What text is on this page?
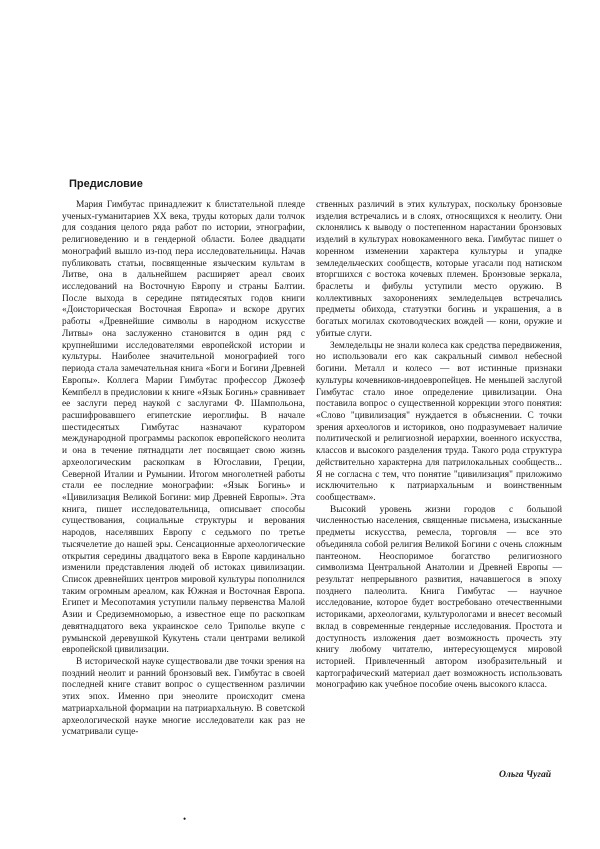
Предисловие

Мария Гимбутас принадлежит к блистательной плеяде ученых-гуманитариев XX века, труды которых дали толчок для создания целого ряда работ по истории, этнографии, религиоведению и в гендерной области. Более двадцати монографий вышло из-под пера исследовательницы. Начав публиковать статьи, посвященные языческим культам в Литве, она в дальнейшем расширяет ареал своих исследований на Восточную Европу и страны Балтии. После выхода в середине пятидесятых годов книги «Доисторическая Восточная Европа» и вскоре других работы «Древнейшие символы в народном искусстве Литвы» она заслуженно становится в один ряд с крупнейшими исследователями европейской истории и культуры. Наиболее значительной монографией того периода стала замечательная книга «Боги и Богини Древней Европы». Коллега Марии Гимбутас профессор Джозеф Кемпбелл в предисловии к книге «Язык Богинь» сравнивает ее заслуги перед наукой с заслугами Ф. Шампольона, расшифровавшего египетские иероглифы. В начале шестидесятых Гимбутас назначают куратором международной программы раскопок европейского неолита и она в течение пятнадцати лет посвящает свою жизнь археологическим раскопкам в Югославии, Греции, Северной Италии и Румынии. Итогом многолетней работы стали ее последние монографии: «Язык Богинь» и «Цивилизация Великой Богини: мир Древней Европы». Эта книга, пишет исследовательница, описывает способы существования, социальные структуры и верования народов, населявших Европу с седьмого по третье тысячелетие до нашей эры. Сенсационные археологические открытия середины двадцатого века в Европе кардинально изменили представления людей об истоках цивилизации. Список древнейших центров мировой культуры пополнился таким огромным ареалом, как Южная и Восточная Европа. Египет и Месопотамия уступили пальму первенства Малой Азии и Средиземноморью, а известное еще по раскопкам девятнадцатого века украинское село Триполье вкупе с румынской деревушкой Кукутень стали центрами великой европейской цивилизации.

В исторической науке существовали две точки зрения на поздний неолит и ранний бронзовый век. Гимбутас в своей последней книге ставит вопрос о существенном различии этих эпох. Именно при энеолите происходит смена матриархальной формации на патриархальную. В советской археологической науке многие исследователи как раз не усматривали суще-

ственных различий в этих культурах, поскольку бронзовые изделия встречались и в слоях, относящихся к неолиту. Они склонялись к выводу о постепенном нарастании бронзовых изделий в культурах новокаменного века. Гимбутас пишет о коренном изменении характера культуры и упадке земледельческих сообществ, которые угасали под натиском вторгшихся с востока кочевых племен. Бронзовые зеркала, браслеты и фибулы уступили место оружию. В коллективных захоронениях земледельцев встречались предметы обихода, статуэтки богинь и украшения, а в богатых могилах скотоводческих вождей — кони, оружие и убитые слуги.

Земледельцы не знали колеса как средства передвижения, но использовали его как сакральный символ небесной богини. Металл и колесо — вот истинные признаки культуры кочевников-индоевропейцев. Не меньшей заслугой Гимбутас стало иное определение цивилизации. Она поставила вопрос о существенной коррекции этого понятия: «Слово "цивилизация" нуждается в объяснении. С точки зрения археологов и историков, оно подразумевает наличие политической и религиозной иерархии, военного искусства, классов и высокого разделения труда. Такого рода структура действительно характерна для патрилокальных сообществ... Я не согласна с тем, что понятие "цивилизация" приложимо исключительно к патриархальным и воинственным сообществам».

Высокий уровень жизни городов с большой численностью населения, священные письмена, изысканные предметы искусства, ремесла, торговля — все это объединяла собой религия Великой Богини с очень сложным пантеоном. Неоспоримое богатство религиозного символизма Центральной Анатолии и Древней Европы — результат непрерывного развития, начавшегося в эпоху позднего палеолита. Книга Гимбутас — научное исследование, которое будет востребовано отечественными историками, археологами, культурологами и внесет весомый вклад в современные гендерные исследования. Простота и доступность изложения дает возможность прочесть эту книгу любому читателю, интересующемуся мировой историей. Привлеченный автором изобразительный и картографический материал дает возможность использовать монографию как учебное пособие очень высокого класса.

Ольга Чугай
•
